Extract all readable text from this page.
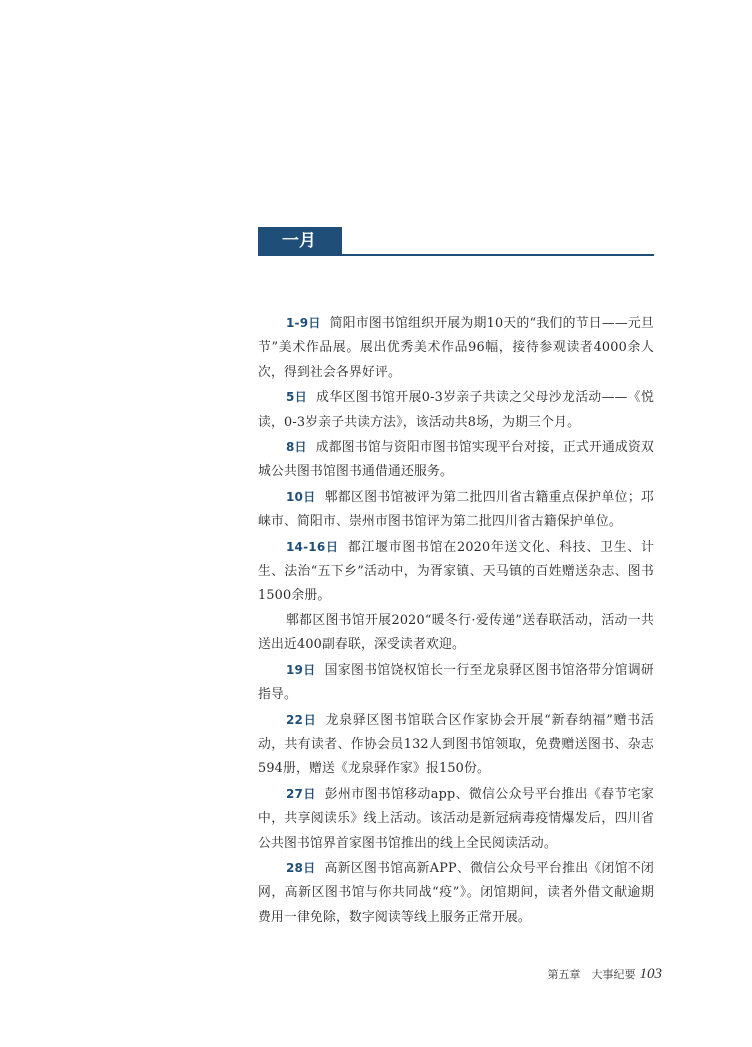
一月

1-9日 简阳市图书馆组织开展为期10天的“我们的节日——元旦节”美术作品展。展出优秀美术作品96幅，接待参观读者4000余人次，得到社会各界好评。

5日 成华区图书馆开展0-3岁亲子共读之父母沙龙活动——《悦读，0-3岁亲子共读方法》，该活动共8场，为期三个月。

8日 成都图书馆与资阳市图书馆实现平台对接，正式开通成资双城公共图书馆图书通借通还服务。

10日 郫都区图书馆被评为第二批四川省古籍重点保护单位；邛崃市、简阳市、崇州市图书馆评为第二批四川省古籍保护单位。

14-16日 都江堰市图书馆在2020年送文化、科技、卫生、计生、法治“五下乡”活动中，为胥家镇、天马镇的百姓赠送杂志、图书1500余册。

郫都区图书馆开展2020“暖冬行·爱传递”送春联活动，活动一共送出近400副春联，深受读者欢迎。

19日 国家图书馆饶权馆长一行至龙泉驿区图书馆洛带分馆调研指导。

22日 龙泉驿区图书馆联合区作家协会开展“新春纳福”赠书活动，共有读者、作协会员132人到图书馆领取，免费赠送图书、杂志594册，赠送《龙泉驿作家》报150份。

27日 彭州市图书馆移动app、微信公众号平台推出《春节宅家中，共享阅读乐》线上活动。该活动是新冠病毒疫情爆发后，四川省公共图书馆界首家图书馆推出的线上全民阅读活动。

28日 高新区图书馆高新APP、微信公众号平台推出《闭馆不闭网，高新区图书馆与你共同战“疫”》。闭馆期间，读者外借文献逾期费用一律免除，数字阅读等线上服务正常开展。

第五章　大事纪要 103
